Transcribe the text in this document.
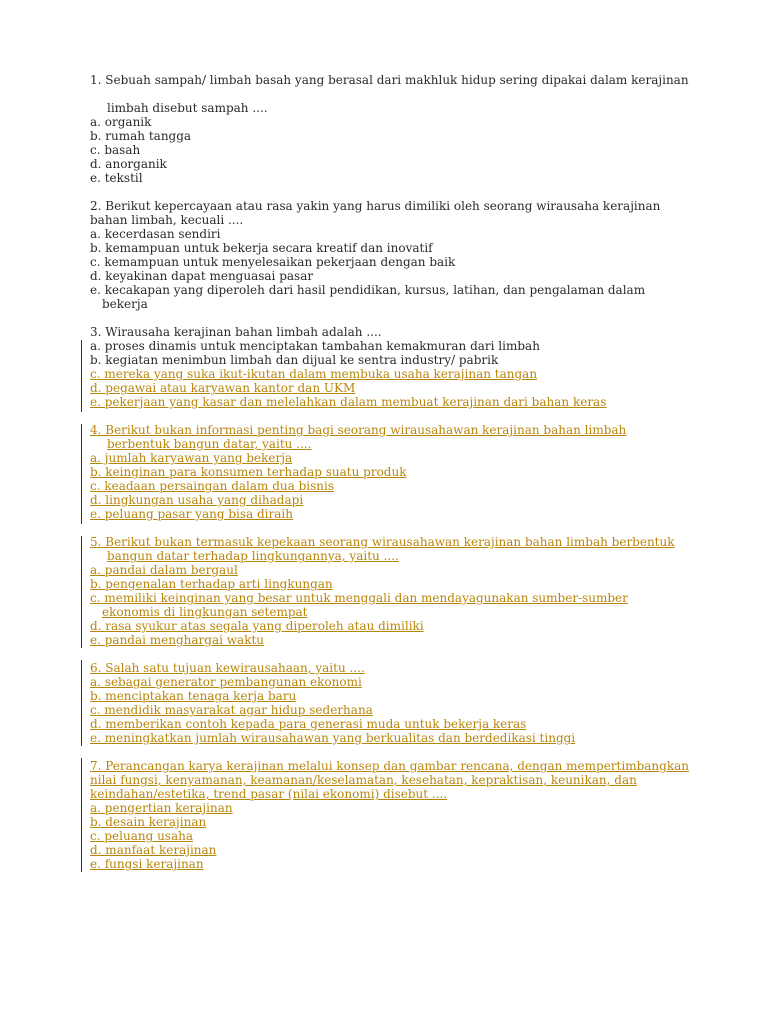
1. Sebuah sampah/ limbah basah yang berasal dari makhluk hidup sering dipakai dalam kerajinan
limbah disebut sampah ....
a. organik
b. rumah tangga
c. basah
d. anorganik
e. tekstil
2. Berikut kepercayaan atau rasa yakin yang harus dimiliki oleh seorang wirausaha kerajinan
bahan limbah, kecuali ....
a. kecerdasan sendiri
b. kemampuan untuk bekerja secara kreatif dan inovatif
c. kemampuan untuk menyelesaikan pekerjaan dengan baik
d. keyakinan dapat menguasai pasar
e. kecakapan yang diperoleh dari hasil pendidikan, kursus, latihan, dan pengalaman dalam
bekerja
3. Wirausaha kerajinan bahan limbah adalah ....
a. proses dinamis untuk menciptakan tambahan kemakmuran dari limbah
b. kegiatan menimbun limbah dan dijual ke sentra industry/ pabrik
c. mereka yang suka ikut-ikutan dalam membuka usaha kerajinan tangan
d. pegawai atau karyawan kantor dan UKM
e. pekerjaan yang kasar dan melelahkan dalam membuat kerajinan dari bahan keras
4. Berikut bukan informasi penting bagi seorang wirausahawan kerajinan bahan limbah
berbentuk bangun datar, yaitu ....
a. jumlah karyawan yang bekerja
b. keinginan para konsumen terhadap suatu produk
c. keadaan persaingan dalam dua bisnis
d. lingkungan usaha yang dihadapi
e. peluang pasar yang bisa diraih
5. Berikut bukan termasuk kepekaan seorang wirausahawan kerajinan bahan limbah berbentuk
bangun datar terhadap lingkungannya, yaitu ....
a. pandai dalam bergaul
b. pengenalan terhadap arti lingkungan
c. memiliki keinginan yang besar untuk menggali dan mendayagunakan sumber-sumber
ekonomis di lingkungan setempat
d. rasa syukur atas segala yang diperoleh atau dimiliki
e. pandai menghargai waktu
6. Salah satu tujuan kewirausahaan, yaitu ....
a. sebagai generator pembangunan ekonomi
b. menciptakan tenaga kerja baru
c. mendidik masyarakat agar hidup sederhana
d. memberikan contoh kepada para generasi muda untuk bekerja keras
e. meningkatkan jumlah wirausahawan yang berkualitas dan berdedikasi tinggi
7. Perancangan karya kerajinan melalui konsep dan gambar rencana, dengan mempertimbangkan
nilai fungsi, kenyamanan, keamanan/keselamatan, kesehatan, kepraktisan, keunikan, dan
keindahan/estetika, trend pasar (nilai ekonomi) disebut ....
a. pengertian kerajinan
b. desain kerajinan
c. peluang usaha
d. manfaat kerajinan
e. fungsi kerajinan
